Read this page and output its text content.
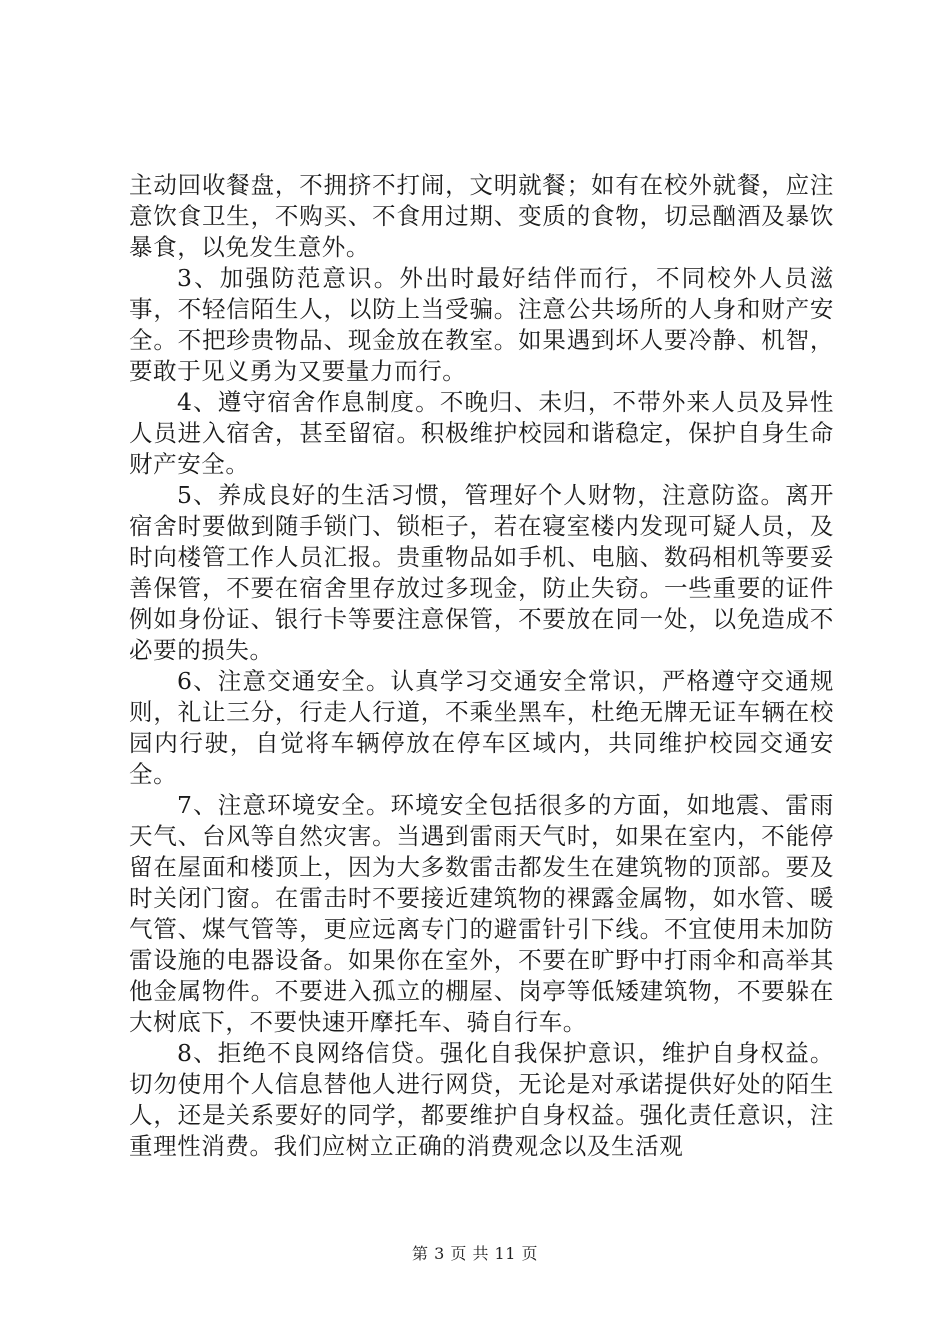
主动回收餐盘，不拥挤不打闹，文明就餐；如有在校外就餐，应注意饮食卫生，不购买、不食用过期、变质的食物，切忌酗酒及暴饮暴食，以免发生意外。

3、加强防范意识。外出时最好结伴而行，不同校外人员滋事，不轻信陌生人，以防上当受骗。注意公共场所的人身和财产安全。不把珍贵物品、现金放在教室。如果遇到坏人要冷静、机智，要敢于见义勇为又要量力而行。

4、遵守宿舍作息制度。不晚归、未归，不带外来人员及异性人员进入宿舍，甚至留宿。积极维护校园和谐稳定，保护自身生命财产安全。

5、养成良好的生活习惯，管理好个人财物，注意防盗。离开宿舍时要做到随手锁门、锁柜子，若在寝室楼内发现可疑人员，及时向楼管工作人员汇报。贵重物品如手机、电脑、数码相机等要妥善保管，不要在宿舍里存放过多现金，防止失窃。一些重要的证件例如身份证、银行卡等要注意保管，不要放在同一处，以免造成不必要的损失。

6、注意交通安全。认真学习交通安全常识，严格遵守交通规则，礼让三分，行走人行道，不乘坐黑车，杜绝无牌无证车辆在校园内行驶，自觉将车辆停放在停车区域内，共同维护校园交通安全。

7、注意环境安全。环境安全包括很多的方面，如地震、雷雨天气、台风等自然灾害。当遇到雷雨天气时，如果在室内，不能停留在屋面和楼顶上，因为大多数雷击都发生在建筑物的顶部。要及时关闭门窗。在雷击时不要接近建筑物的裸露金属物，如水管、暖气管、煤气管等，更应远离专门的避雷针引下线。不宜使用未加防雷设施的电器设备。如果你在室外，不要在旷野中打雨伞和高举其他金属物件。不要进入孤立的棚屋、岗亭等低矮建筑物，不要躲在大树底下，不要快速开摩托车、骑自行车。

8、拒绝不良网络信贷。强化自我保护意识，维护自身权益。切勿使用个人信息替他人进行网贷，无论是对承诺提供好处的陌生人，还是关系要好的同学，都要维护自身权益。强化责任意识，注重理性消费。我们应树立正确的消费观念以及生活观

第 3 页 共 11 页
